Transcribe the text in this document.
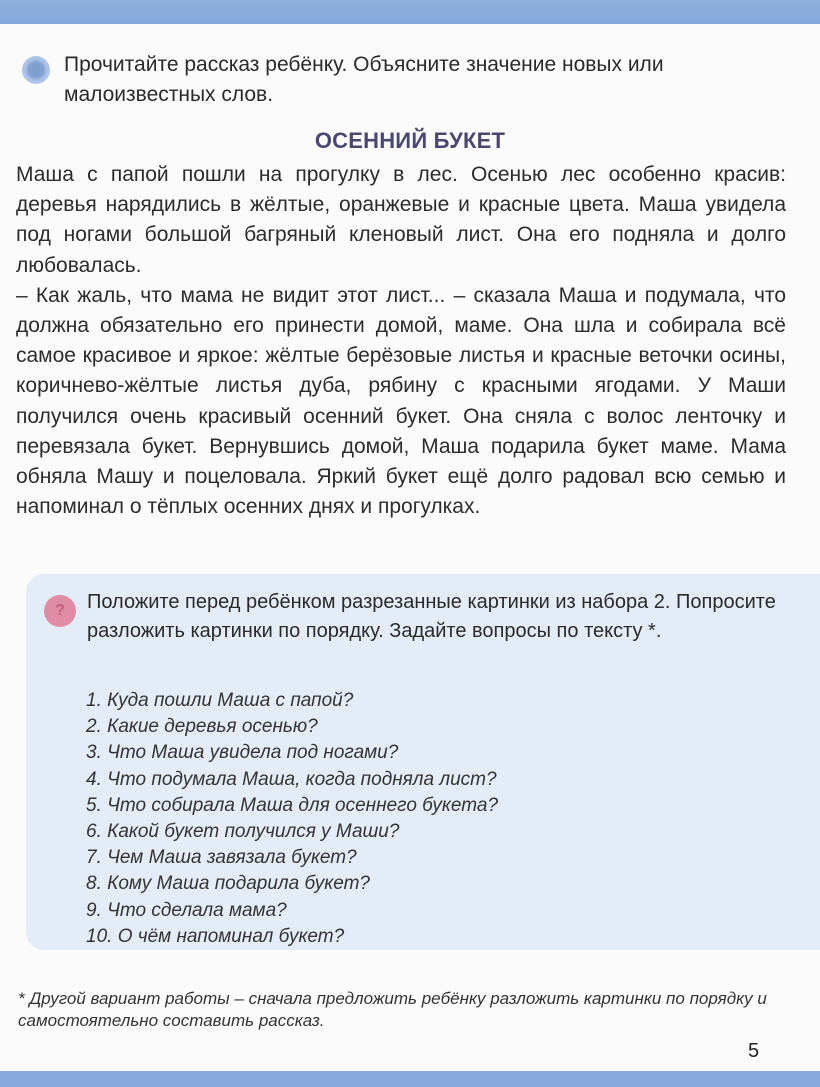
Прочитайте рассказ ребёнку. Объясните значение новых или малоизвестных слов.
ОСЕННИЙ БУКЕТ

Маша с папой пошли на прогулку в лес. Осенью лес особенно красив: деревья нарядились в жёлтые, оранжевые и красные цвета. Маша увидела под ногами большой багряный кленовый лист. Она его подняла и долго любовалась.

– Как жаль, что мама не видит этот лист... – сказала Маша и подумала, что должна обязательно его принести домой, маме. Она шла и собирала всё самое красивое и яркое: жёлтые берёзовые листья и красные веточки осины, коричнево-жёлтые листья дуба, рябину с красными ягодами. У Маши получился очень красивый осенний букет. Она сняла с волос ленточку и перевязала букет. Вернувшись домой, Маша подарила букет маме. Мама обняла Машу и поцеловала. Яркий букет ещё долго радовал всю семью и напоминал о тёплых осенних днях и прогулках.

?	Положите перед ребёнком разрезанные картинки из набора 2. Попросите разложить картинки по порядку. Задайте вопросы по тексту *.
1. Куда пошли Маша с папой?
2. Какие деревья осенью?
3. Что Маша увидела под ногами?
4. Что подумала Маша, когда подняла лист?
5. Что собирала Маша для осеннего букета?
6. Какой букет получился у Маши?
7. Чем Маша завязала букет?
8. Кому Маша подарила букет?
9. Что сделала мама?
10. О чём напоминал букет?
* Другой вариант работы – сначала предложить ребёнку разложить картинки по порядку и самостоятельно составить рассказ.
5
